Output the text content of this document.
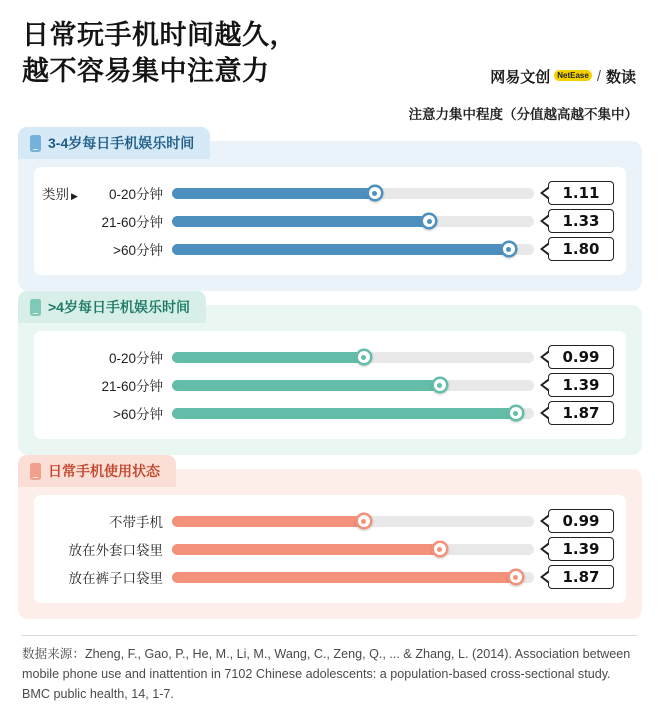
日常玩手机时间越久，
越不容易集中注意力	网易文创 NetEase / 数读
注意力集中程度（分值越高越不集中）
3-4岁每日手机娱乐时间
类别 ▶ 0-20分钟	1.11
21-60分钟	1.33
>60分钟	1.80
>4岁每日手机娱乐时间
0-20分钟	0.99
21-60分钟	1.39
>60分钟	1.87
日常手机使用状态
不带手机	0.99
放在外套口袋里	1.39
放在裤子口袋里	1.87
数据来源：Zheng, F., Gao, P., He, M., Li, M., Wang, C., Zeng, Q., ... & Zhang, L. (2014). Association between mobile phone use and inattention in 7102 Chinese adolescents: a population-based cross-sectional study. BMC public health, 14, 1-7.
